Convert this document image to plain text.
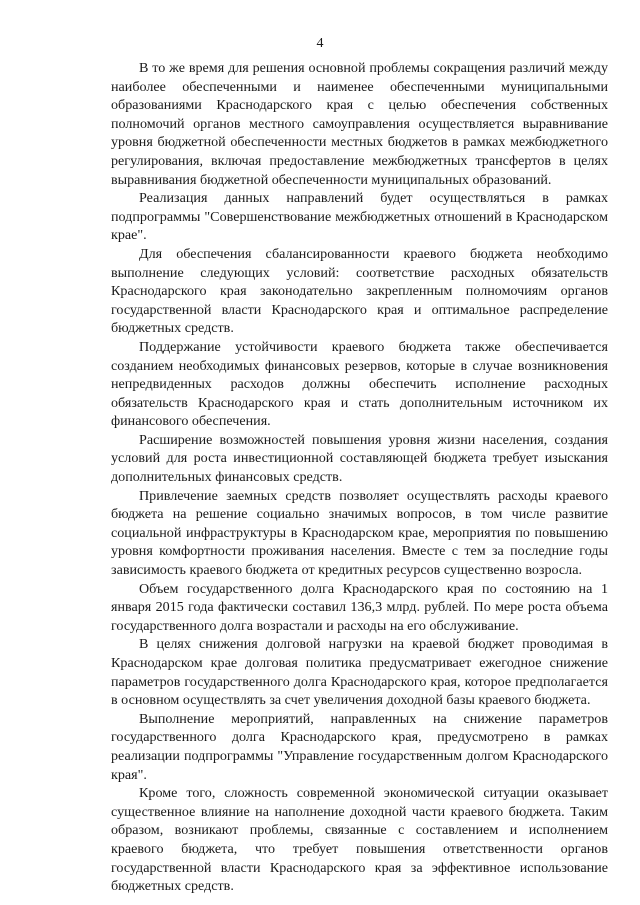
4

В то же время для решения основной проблемы сокращения различий между наиболее обеспеченными и наименее обеспеченными муниципальными образованиями Краснодарского края с целью обеспечения собственных полномочий органов местного самоуправления осуществляется выравнивание уровня бюджетной обеспеченности местных бюджетов в рамках межбюджетного регулирования, включая предоставление межбюджетных трансфертов в целях выравнивания бюджетной обеспеченности муниципальных образований.

Реализация данных направлений будет осуществляться в рамках подпрограммы "Совершенствование межбюджетных отношений в Краснодарском крае".

Для обеспечения сбалансированности краевого бюджета необходимо выполнение следующих условий: соответствие расходных обязательств Краснодарского края законодательно закрепленным полномочиям органов государственной власти Краснодарского края и оптимальное распределение бюджетных средств.

Поддержание устойчивости краевого бюджета также обеспечивается созданием необходимых финансовых резервов, которые в случае возникновения непредвиденных расходов должны обеспечить исполнение расходных обязательств Краснодарского края и стать дополнительным источником их финансового обеспечения.

Расширение возможностей повышения уровня жизни населения, создания условий для роста инвестиционной составляющей бюджета требует изыскания дополнительных финансовых средств.

Привлечение заемных средств позволяет осуществлять расходы краевого бюджета на решение социально значимых вопросов, в том числе развитие социальной инфраструктуры в Краснодарском крае, мероприятия по повышению уровня комфортности проживания населения. Вместе с тем за последние годы зависимость краевого бюджета от кредитных ресурсов существенно возросла.

Объем государственного долга Краснодарского края по состоянию на 1 января 2015 года фактически составил 136,3 млрд. рублей. По мере роста объема государственного долга возрастали и расходы на его обслуживание.

В целях снижения долговой нагрузки на краевой бюджет проводимая в Краснодарском крае долговая политика предусматривает ежегодное снижение параметров государственного долга Краснодарского края, которое предполагается в основном осуществлять за счет увеличения доходной базы краевого бюджета.

Выполнение мероприятий, направленных на снижение параметров государственного долга Краснодарского края, предусмотрено в рамках реализации подпрограммы "Управление государственным долгом Краснодарского края".

Кроме того, сложность современной экономической ситуации оказывает существенное влияние на наполнение доходной части краевого бюджета. Таким образом, возникают проблемы, связанные с составлением и исполнением краевого бюджета, что требует повышения ответственности органов государственной власти Краснодарского края за эффективное использование бюджетных средств.
